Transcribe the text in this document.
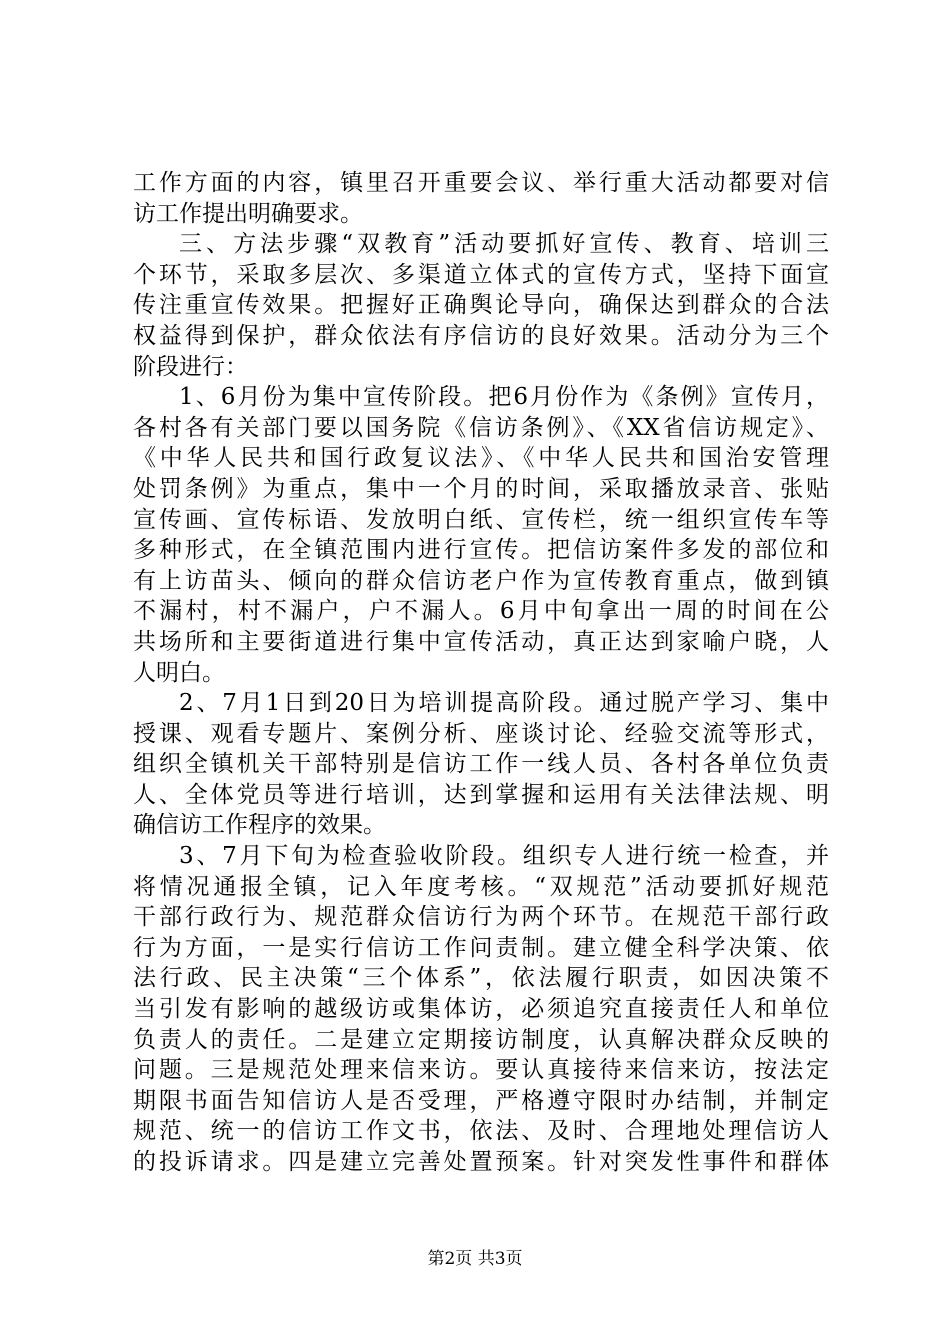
工作方面的内容，镇里召开重要会议、举行重大活动都要对信
访工作提出明确要求。
三、方法步骤“双教育”活动要抓好宣传、教育、培训三
个环节，采取多层次、多渠道立体式的宣传方式，坚持下面宣
传注重宣传效果。把握好正确舆论导向，确保达到群众的合法
权益得到保护，群众依法有序信访的良好效果。活动分为三个
阶段进行：
1、6月份为集中宣传阶段。把6月份作为《条例》宣传月，
各村各有关部门要以国务院《信访条例》、《XX省信访规定》、
《中华人民共和国行政复议法》、《中华人民共和国治安管理
处罚条例》为重点，集中一个月的时间，采取播放录音、张贴
宣传画、宣传标语、发放明白纸、宣传栏，统一组织宣传车等
多种形式，在全镇范围内进行宣传。把信访案件多发的部位和
有上访苗头、倾向的群众信访老户作为宣传教育重点，做到镇
不漏村，村不漏户，户不漏人。6月中旬拿出一周的时间在公
共场所和主要街道进行集中宣传活动，真正达到家喻户晓，人
人明白。
2、7月1日到20日为培训提高阶段。通过脱产学习、集中
授课、观看专题片、案例分析、座谈讨论、经验交流等形式，
组织全镇机关干部特别是信访工作一线人员、各村各单位负责
人、全体党员等进行培训，达到掌握和运用有关法律法规、明
确信访工作程序的效果。
3、7月下旬为检查验收阶段。组织专人进行统一检查，并
将情况通报全镇，记入年度考核。“双规范”活动要抓好规范
干部行政行为、规范群众信访行为两个环节。在规范干部行政
行为方面，一是实行信访工作问责制。建立健全科学决策、依
法行政、民主决策“三个体系”，依法履行职责，如因决策不
当引发有影响的越级访或集体访，必须追究直接责任人和单位
负责人的责任。二是建立定期接访制度，认真解决群众反映的
问题。三是规范处理来信来访。要认真接待来信来访，按法定
期限书面告知信访人是否受理，严格遵守限时办结制，并制定
规范、统一的信访工作文书，依法、及时、合理地处理信访人
的投诉请求。四是建立完善处置预案。针对突发性事件和群体
第2页 共3页
